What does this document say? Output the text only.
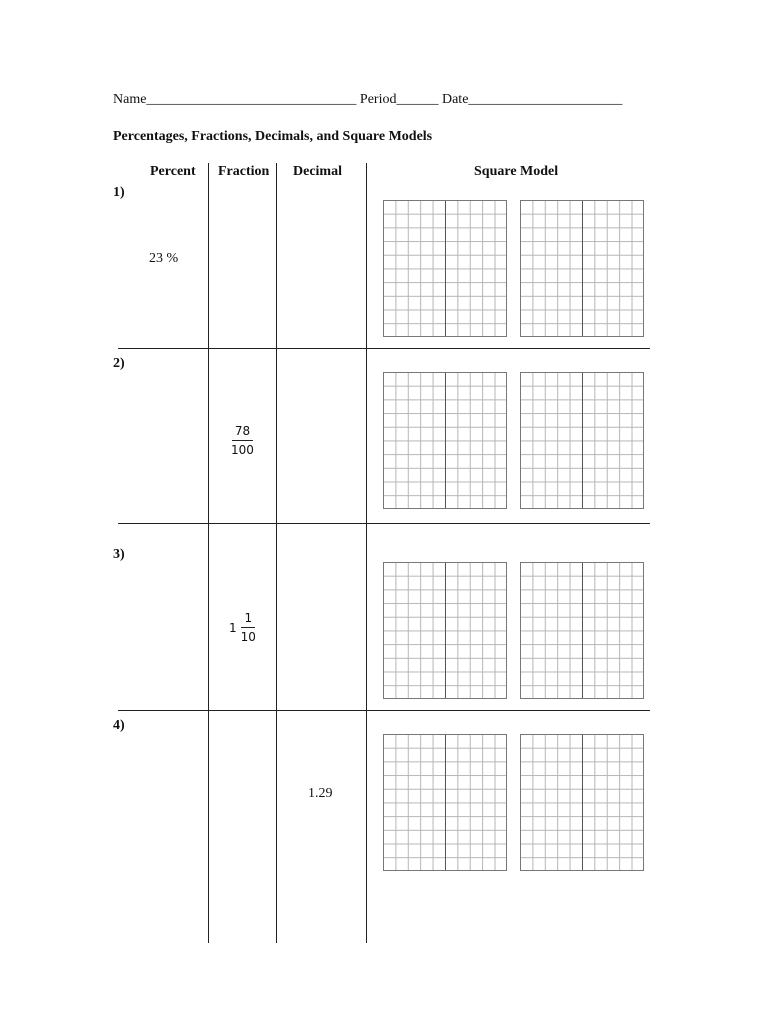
Name______________________________ Period______ Date______________________
Percentages, Fractions, Decimals, and Square Models
Percent Fraction Decimal	Square Model
1)
23 %
2)
$\frac{78}{100}$
3)
$1 \frac{1}{10}$
4)
1.29
